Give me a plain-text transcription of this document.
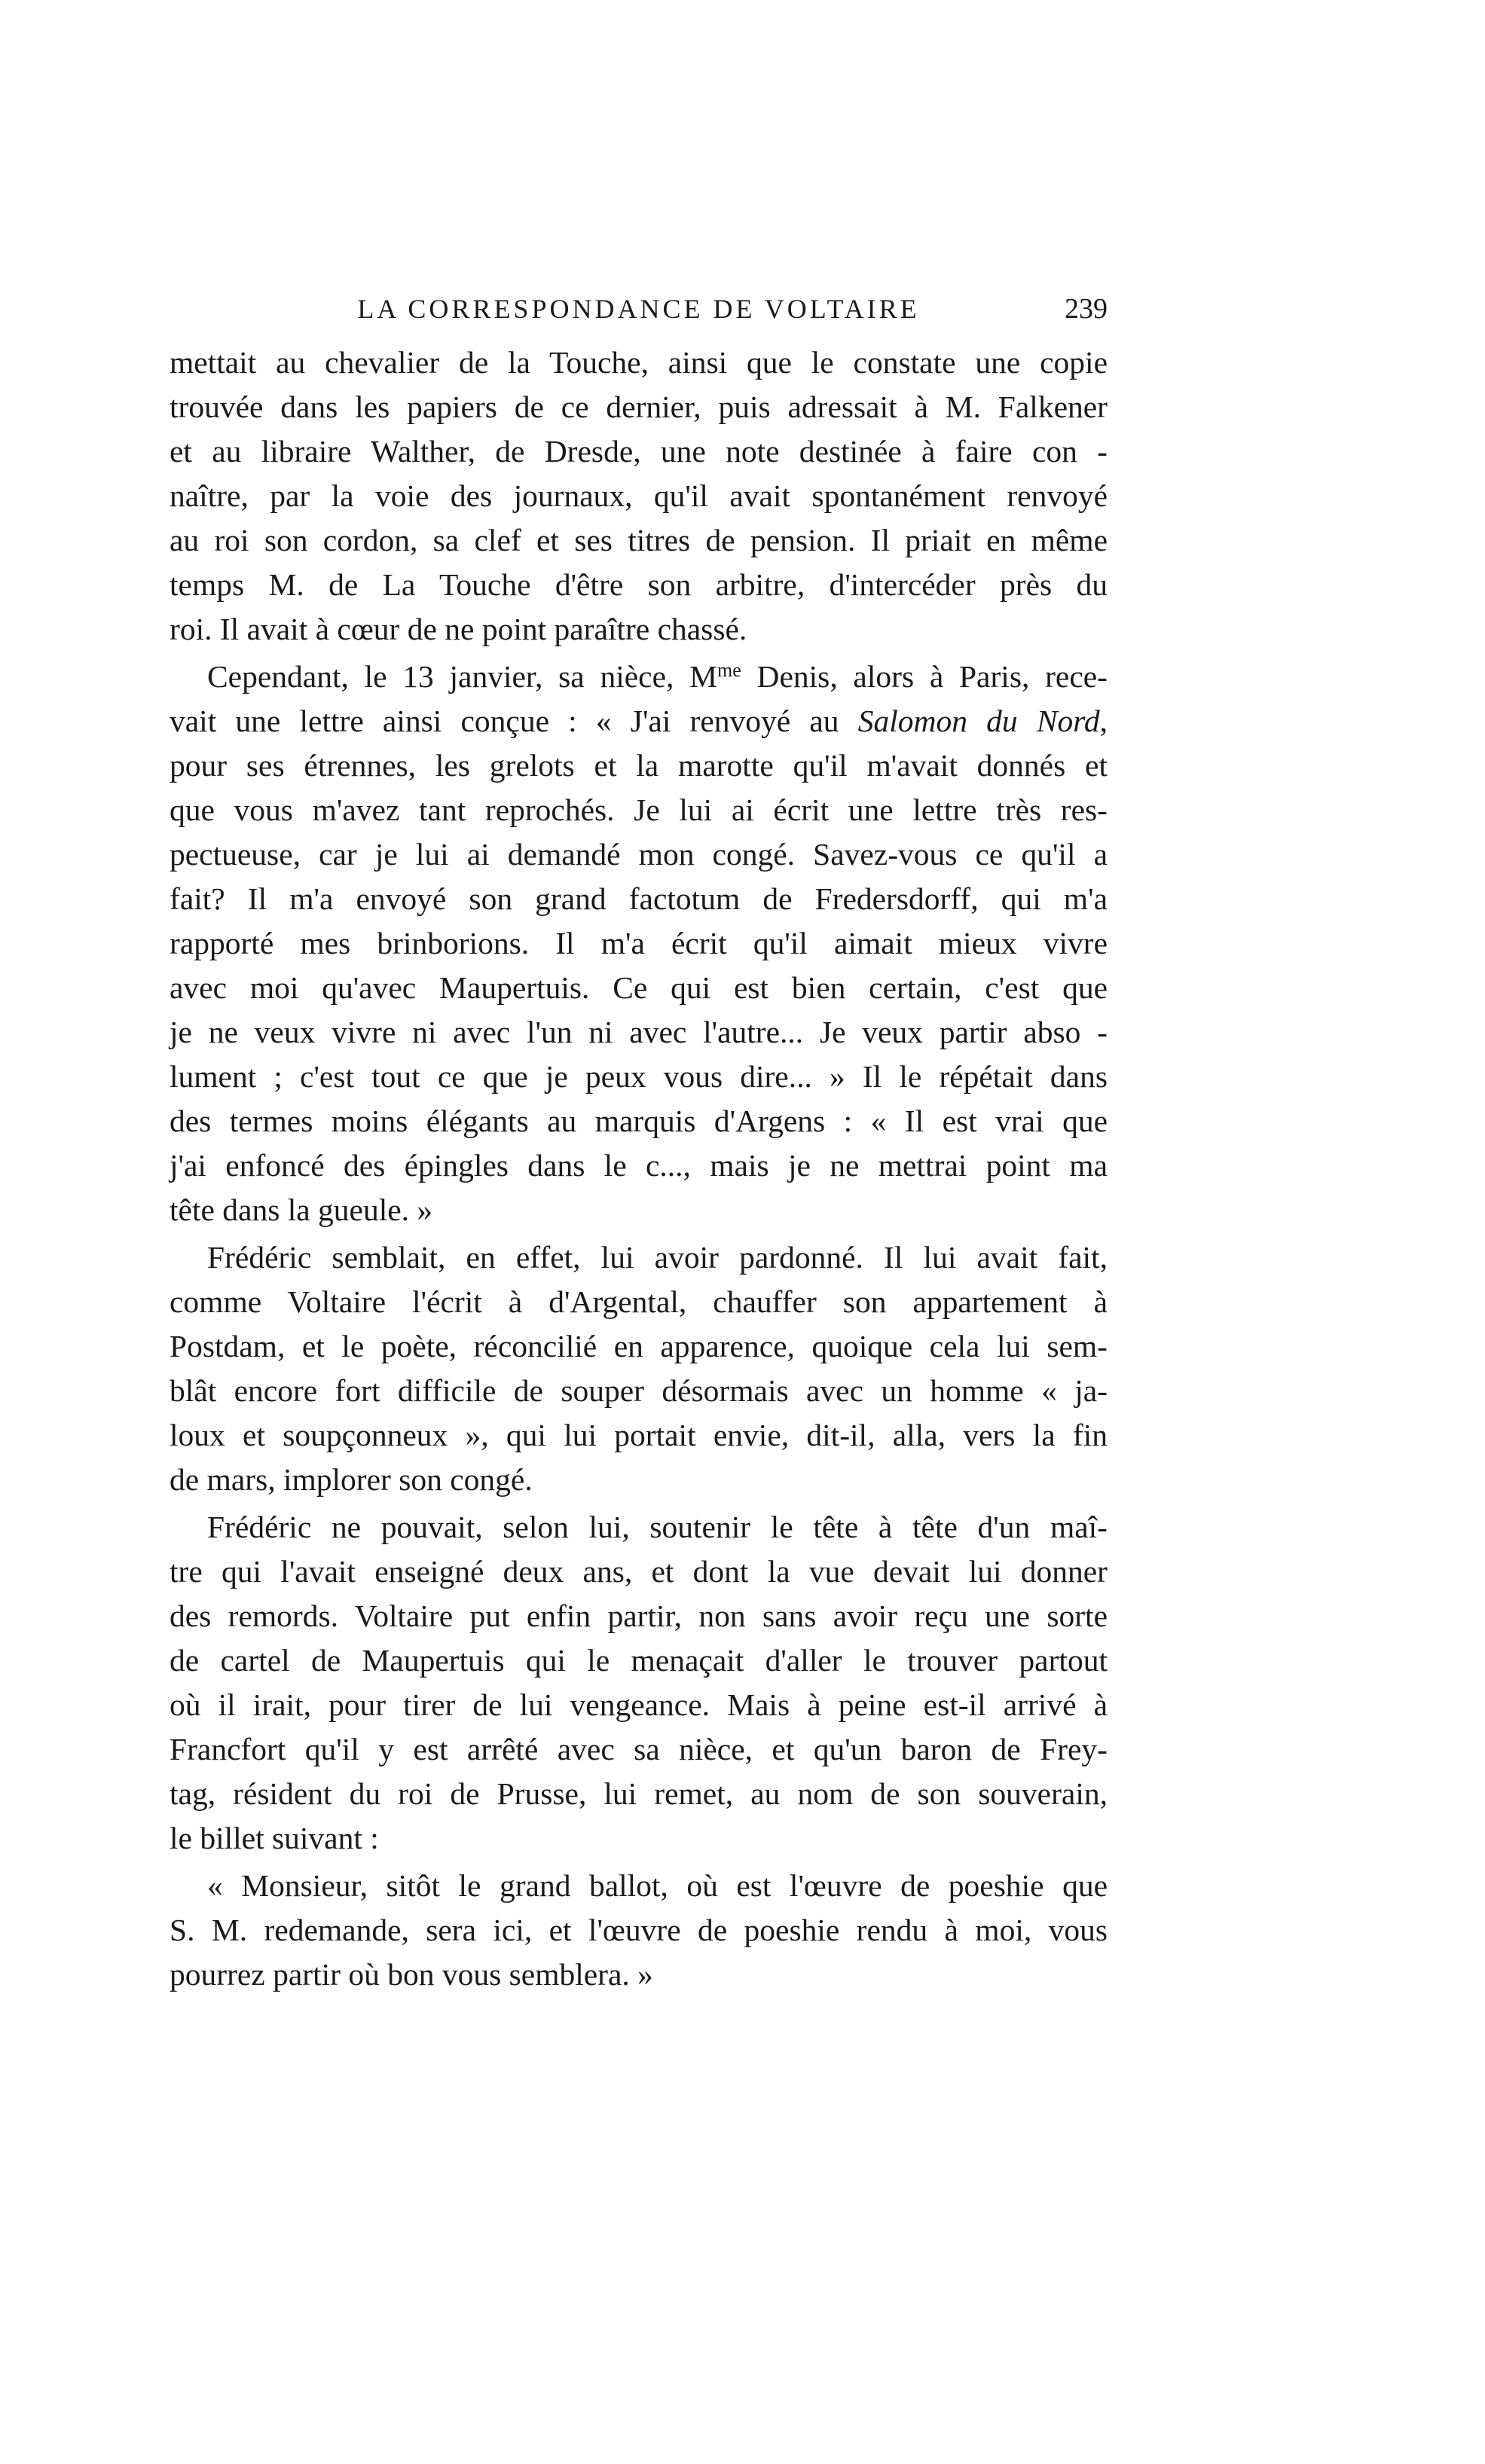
LA CORRESPONDANCE DE VOLTAIRE	239

mettait au chevalier de la Touche, ainsi que le constate une copie
trouvée dans les papiers de ce dernier, puis adressait à M. Falkener
et au libraire Walther, de Dresde, une note destinée à faire con -
naître, par la voie des journaux, qu'il avait spontanément renvoyé
au roi son cordon, sa clef et ses titres de pension. Il priait en même
temps M. de La Touche d'être son arbitre, d'intercéder près du
roi. Il avait à cœur de ne point paraître chassé.

Cependant, le 13 janvier, sa nièce, $M^{me}$ Denis, alors à Paris, rece-
vait une lettre ainsi conçue : « J'ai renvoyé au Salomon du Nord,
pour ses étrennes, les grelots et la marotte qu'il m'avait donnés et
que vous m'avez tant reprochés. Je lui ai écrit une lettre très res-
pectueuse, car je lui ai demandé mon congé. Savez-vous ce qu'il a
fait? Il m'a envoyé son grand factotum de Fredersdorff, qui m'a
rapporté mes brinborions. Il m'a écrit qu'il aimait mieux vivre
avec moi qu'avec Maupertuis. Ce qui est bien certain, c'est que
je ne veux vivre ni avec l'un ni avec l'autre... Je veux partir abso -
lument ; c'est tout ce que je peux vous dire... » Il le répétait dans
des termes moins élégants au marquis d'Argens : « Il est vrai que
j'ai enfoncé des épingles dans le c..., mais je ne mettrai point ma
tête dans la gueule. »

Frédéric semblait, en effet, lui avoir pardonné. Il lui avait fait,
comme Voltaire l'écrit à d'Argental, chauffer son appartement à
Postdam, et le poète, réconcilié en apparence, quoique cela lui sem-
blât encore fort difficile de souper désormais avec un homme « ja-
loux et soupçonneux », qui lui portait envie, dit-il, alla, vers la fin
de mars, implorer son congé.

Frédéric ne pouvait, selon lui, soutenir le tête à tête d'un maî-
tre qui l'avait enseigné deux ans, et dont la vue devait lui donner
des remords. Voltaire put enfin partir, non sans avoir reçu une sorte
de cartel de Maupertuis qui le menaçait d'aller le trouver partout
où il irait, pour tirer de lui vengeance. Mais à peine est-il arrivé à
Francfort qu'il y est arrêté avec sa nièce, et qu'un baron de Frey-
tag, résident du roi de Prusse, lui remet, au nom de son souverain,
le billet suivant :

« Monsieur, sitôt le grand ballot, où est l'œuvre de poeshie que
S. M. redemande, sera ici, et l'œuvre de poeshie rendu à moi, vous
pourrez partir où bon vous semblera. »
